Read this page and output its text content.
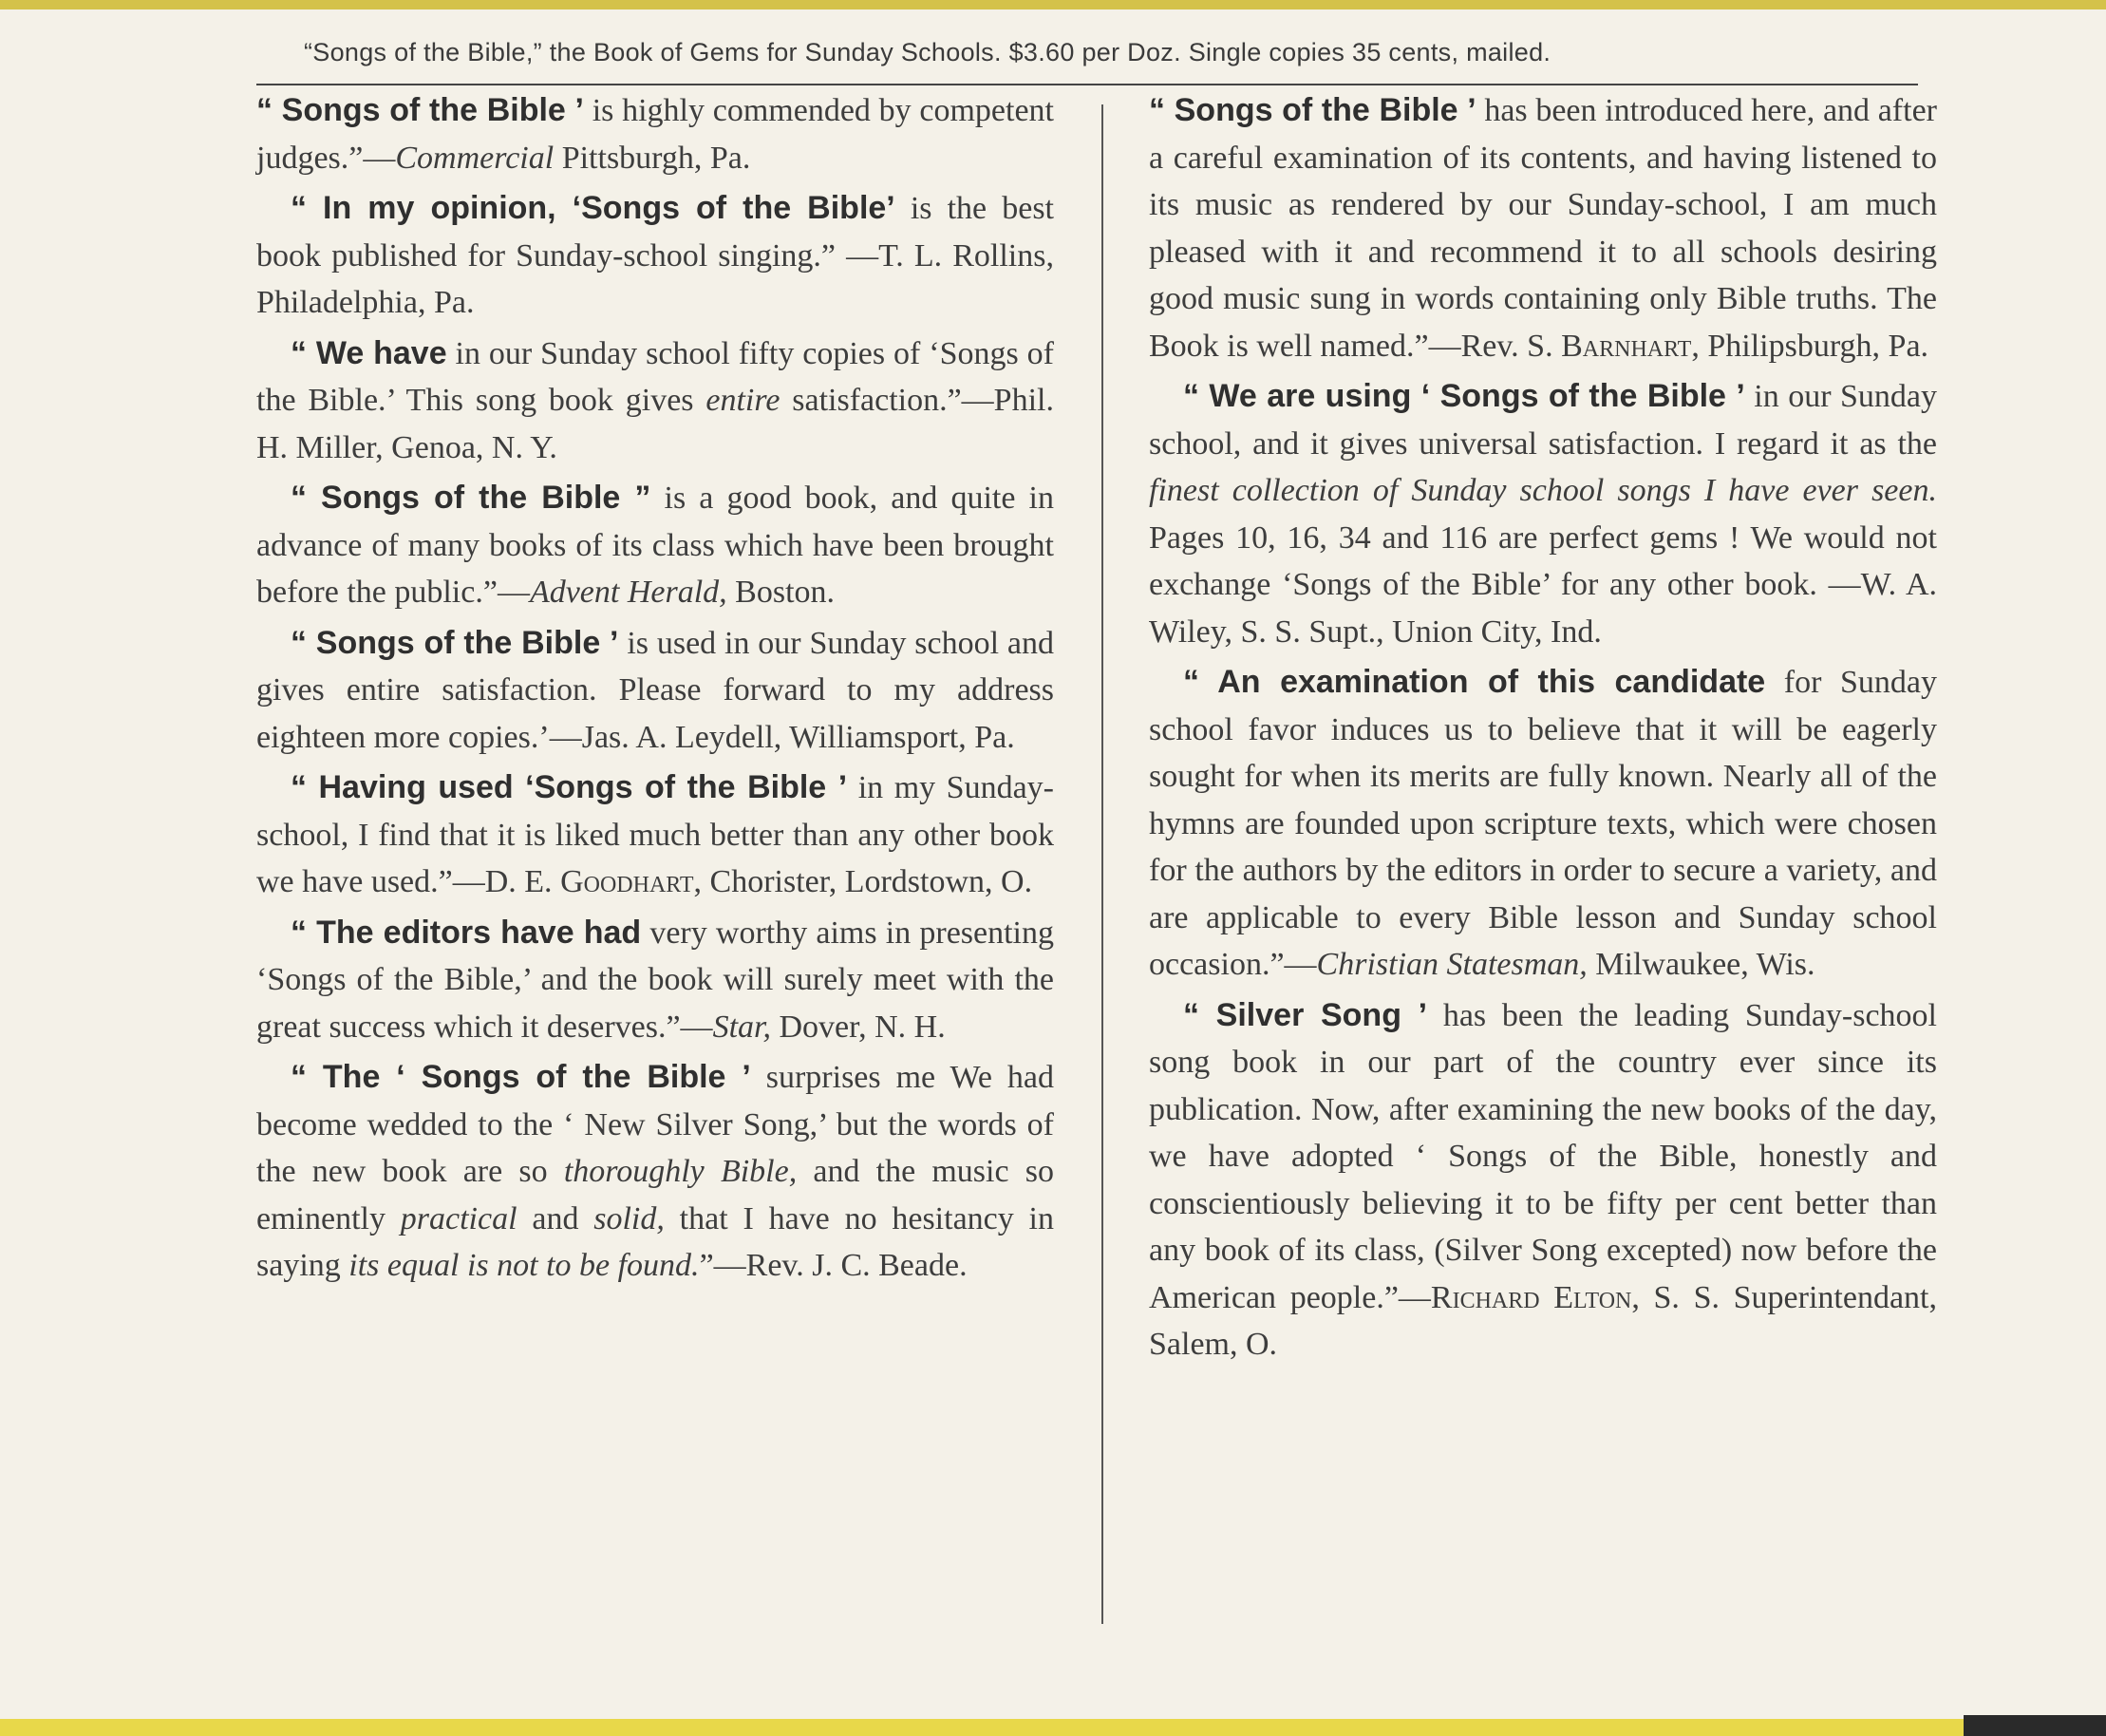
“Songs of the Bible,” the Book of Gems for Sunday Schools. $3.60 per Doz. Single copies 35 cents, mailed.

“ Songs of the Bible ’ is highly commended by competent judges.”—Commercial Pittsburgh, Pa.

“ In my opinion, ‘Songs of the Bible’ is the best book published for Sunday-school singing.” —T. L. Rollins, Philadelphia, Pa.

“ We have in our Sunday school fifty copies of ‘Songs of the Bible.’ This song book gives entire satisfaction.”—Phil. H. Miller, Genoa, N. Y.

“ Songs of the Bible ” is a good book, and quite in advance of many books of its class which have been brought before the public.”—Advent Herald, Boston.

“ Songs of the Bible ’ is used in our Sunday school and gives entire satisfaction. Please forward to my address eighteen more copies.’—Jas. A. Leydell, Williamsport, Pa.

“ Having used ‘Songs of the Bible ’ in my Sunday-school, I find that it is liked much better than any other book we have used.”—D. E. Goodhart, Chorister, Lordstown, O.

“ The editors have had very worthy aims in presenting ‘Songs of the Bible,’ and the book will surely meet with the great success which it deserves.”—Star, Dover, N. H.

“ The ‘ Songs of the Bible ’ surprises me We had become wedded to the ‘ New Silver Song,’ but the words of the new book are so thoroughly Bible, and the music so eminently practical and solid, that I have no hesitancy in saying its equal is not to be found.”—Rev. J. C. Beade.

“ Songs of the Bible ’ has been introduced here, and after a careful examination of its contents, and having listened to its music as rendered by our Sunday-school, I am much pleased with it and recommend it to all schools desiring good music sung in words containing only Bible truths. The Book is well named.”—Rev. S. Barnhart, Philipsburgh, Pa.

“ We are using ‘ Songs of the Bible ’ in our Sunday school, and it gives universal satisfaction. I regard it as the finest collection of Sunday school songs I have ever seen. Pages 10, 16, 34 and 116 are perfect gems ! We would not exchange ‘Songs of the Bible’ for any other book. —W. A. Wiley, S. S. Supt., Union City, Ind.

“ An examination of this candidate for Sunday school favor induces us to believe that it will be eagerly sought for when its merits are fully known. Nearly all of the hymns are founded upon scripture texts, which were chosen for the authors by the editors in order to secure a variety, and are applicable to every Bible lesson and Sunday school occasion.”—Christian Statesman, Milwaukee, Wis.

“ Silver Song ’ has been the leading Sunday-school song book in our part of the country ever since its publication. Now, after examining the new books of the day, we have adopted ‘ Songs of the Bible, honestly and conscientiously believing it to be fifty per cent better than any book of its class, (Silver Song excepted) now before the American people.”—Richard Elton, S. S. Superintendant, Salem, O.
